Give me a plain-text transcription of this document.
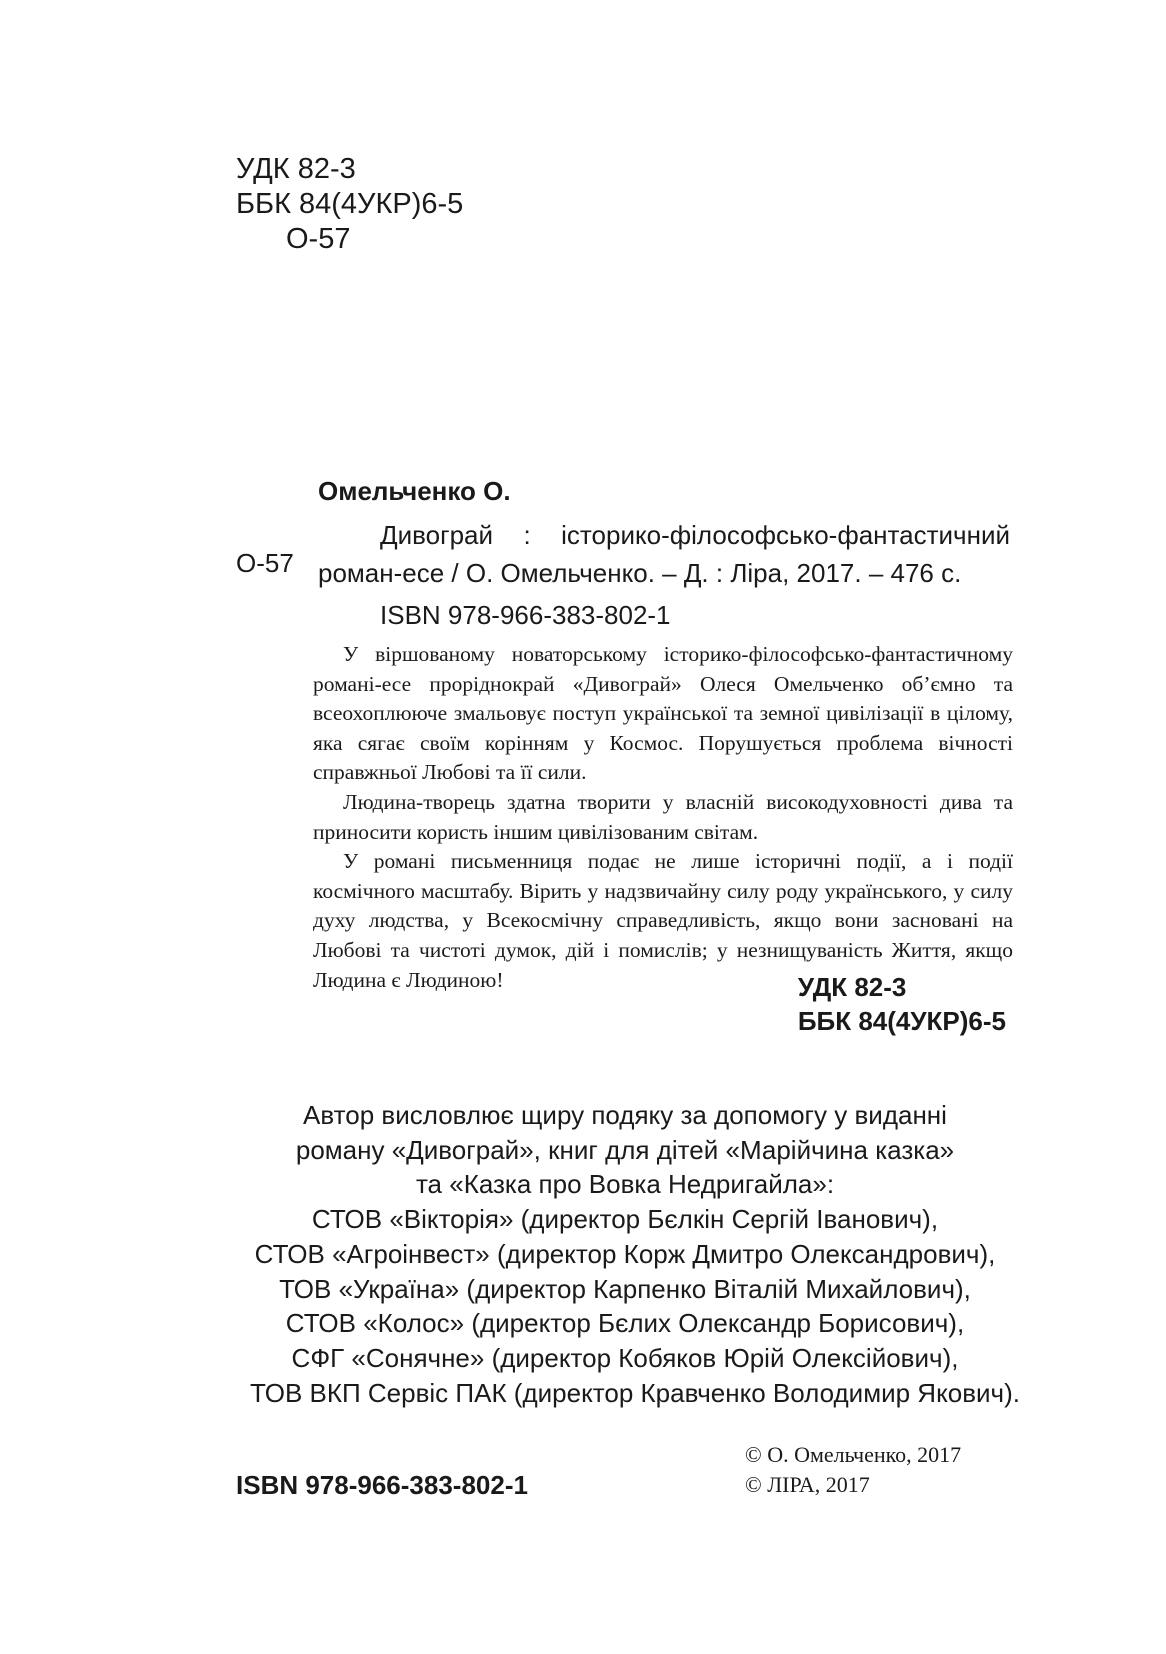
УДК 82-3
ББК 84(4УКР)6-5
О-57
Омельченко О.
О-57

Дивограй : історико-філософсько-фантастичний

роман-есе / О. Омельченко. – Д. : Ліра, 2017. – 476 с.

ISBN 978-966-383-802-1

У віршованому новаторському історико-філософсько-фантастичному романі-есе проріднокрай «Дивограй» Олеся Омельченко об’ємно та всеохоплююче змальовує поступ української та земної цивілізації в цілому, яка сягає своїм корінням у Космос. Порушується проблема вічності справжньої Любові та її сили.

Людина-творець здатна творити у власній високодуховності дива та приносити користь іншим цивілізованим світам.

У романі письменниця подає не лише історичні події, а і події космічного масштабу. Вірить у надзвичайну силу роду українського, у силу духу людства, у Всекосмічну справедливість, якщо вони засновані на Любові та чистоті думок, дій і помислів; у незнищуваність Життя, якщо Людина є Людиною!	УДК 82-3
ББК 84(4УКР)6-5
Автор висловлює щиру подяку за допомогу у виданні
роману «Дивограй», книг для дітей «Марійчина казка»
та «Казка про Вовка Недригайла»:
СТОВ «Вікторія» (директор Бєлкін Сергій Іванович),
СТОВ «Агроінвест» (директор Корж Дмитро Олександрович),
ТОВ «Україна» (директор Карпенко Віталій Михайлович),
СТОВ «Колос» (директор Бєлих Олександр Борисович),
СФГ «Сонячне» (директор Кобяков Юрій Олексійович),
ТОВ ВКП Сервіс ПАК (директор Кравченко Володимир Якович).
© О. Омельченко, 2017
© ЛІРА, 2017
ISBN 978-966-383-802-1
